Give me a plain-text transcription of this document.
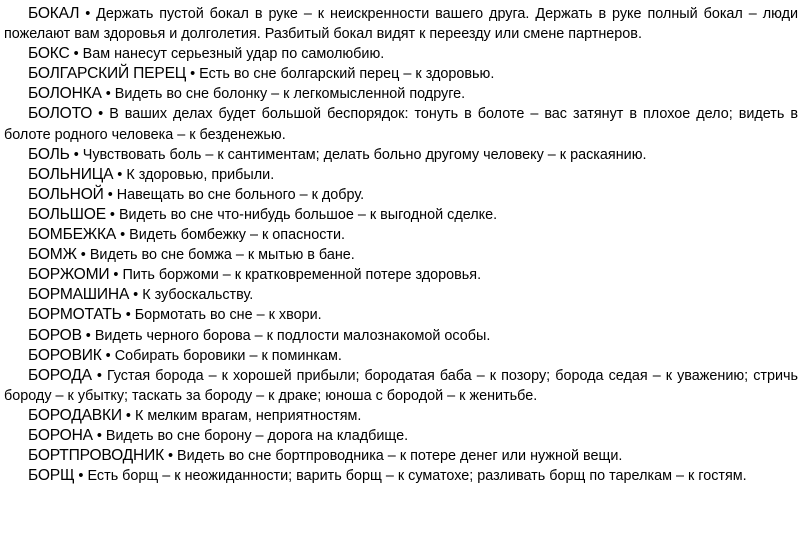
БОКАЛ • Держать пустой бокал в руке – к неискренности вашего друга. Держать в руке полный бокал – люди пожелают вам здоровья и долголетия. Разбитый бокал видят к переезду или смене партнеров.

БОКС • Вам нанесут серьезный удар по самолюбию.

БОЛГАРСКИЙ ПЕРЕЦ • Есть во сне болгарский перец – к здоровью.

БОЛОНКА • Видеть во сне болонку – к легкомысленной подруге.

БОЛОТО • В ваших делах будет большой беспорядок: тонуть в болоте – вас затянут в плохое дело; видеть в болоте родного человека – к безденежью.

БОЛЬ • Чувствовать боль – к сантиментам; делать больно другому человеку – к раскаянию.

БОЛЬНИЦА • К здоровью, прибыли.

БОЛЬНОЙ • Навещать во сне больного – к добру.

БОЛЬШОЕ • Видеть во сне что-нибудь большое – к выгодной сделке.

БОМБЕЖКА • Видеть бомбежку – к опасности.

БОМЖ • Видеть во сне бомжа – к мытью в бане.

БОРЖОМИ • Пить боржоми – к кратковременной потере здоровья.

БОРМАШИНА • К зубоскальству.

БОРМОТАТЬ • Бормотать во сне – к хвори.

БОРОВ • Видеть черного борова – к подлости малознакомой особы.

БОРОВИК • Собирать боровики – к поминкам.

БОРОДА • Густая борода – к хорошей прибыли; бородатая баба – к позору; борода седая – к уважению; стричь бороду – к убытку; таскать за бороду – к драке; юноша с бородой – к женитьбе.

БОРОДАВКИ • К мелким врагам, неприятностям.

БОРОНА • Видеть во сне борону – дорога на кладбище.

БОРТПРОВОДНИК • Видеть во сне бортпроводника – к потере денег или нужной вещи.

БОРЩ • Есть борщ – к неожиданности; варить борщ – к суматохе; разливать борщ по тарелкам – к гостям.
